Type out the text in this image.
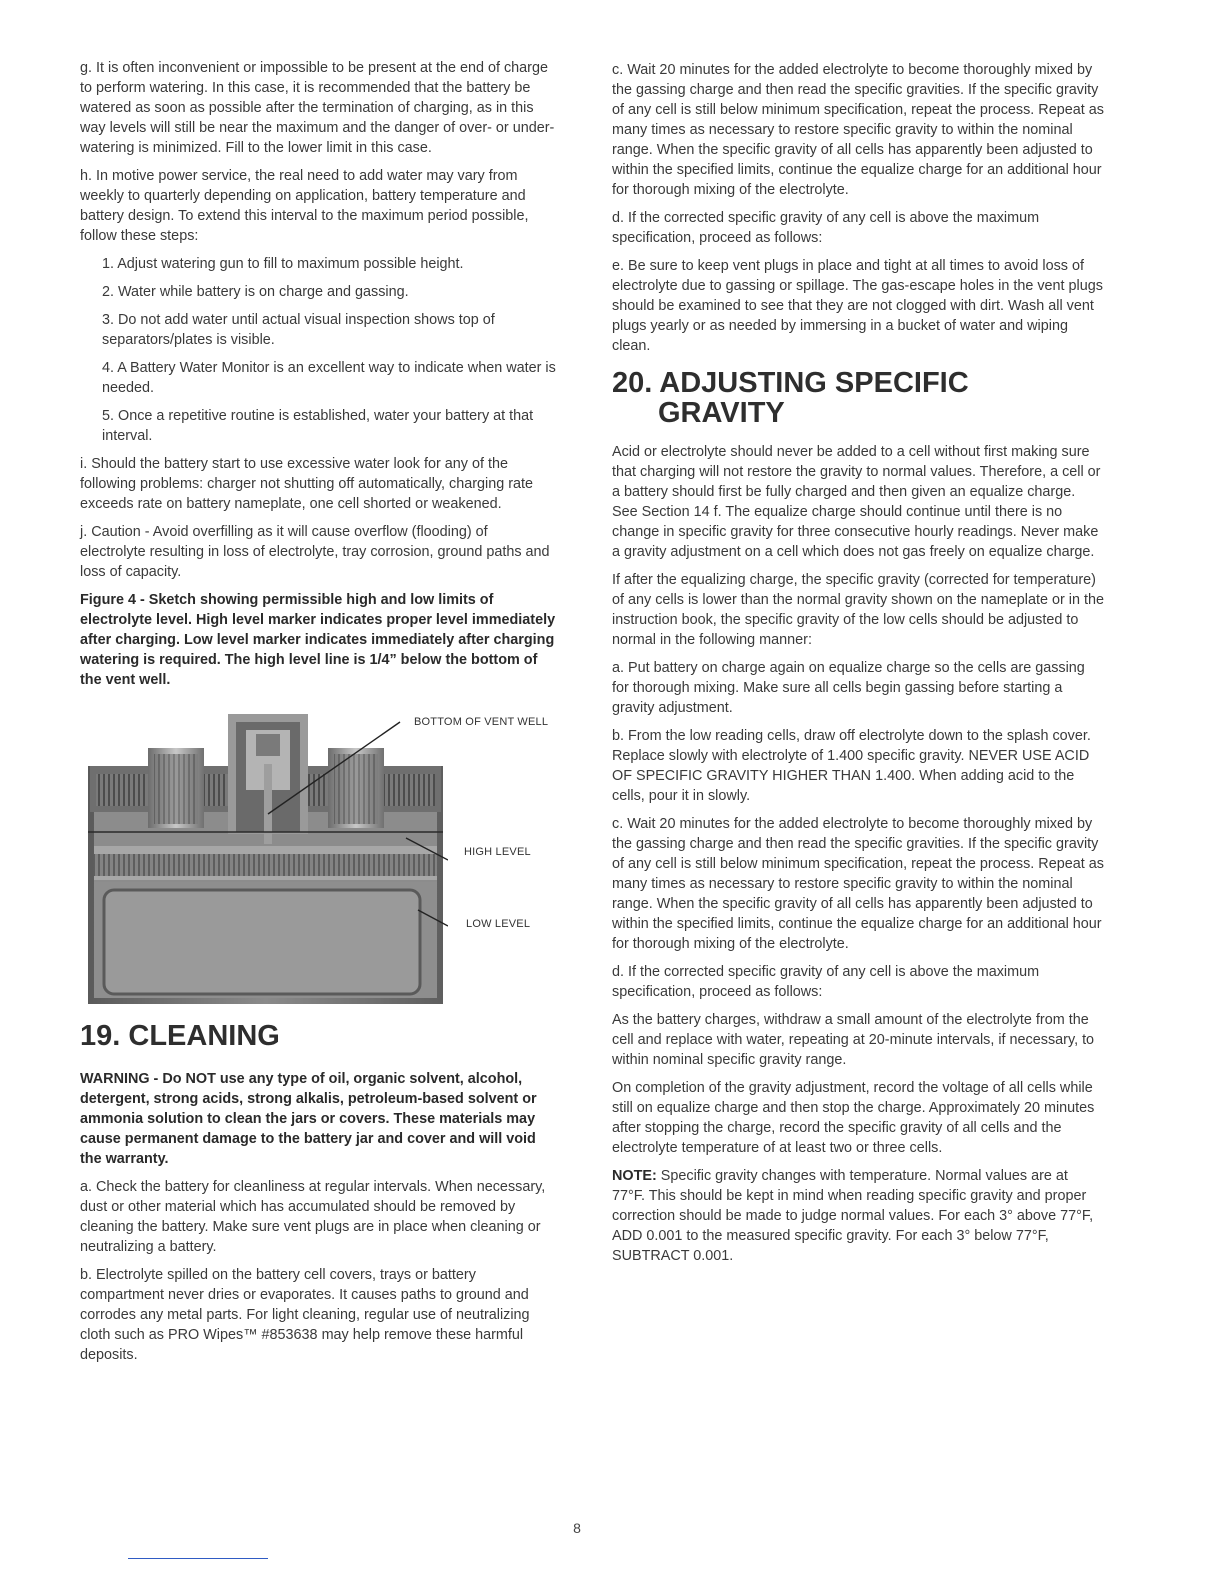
g. It is often inconvenient or impossible to be present at the end of charge to perform watering. In this case, it is recommended that the battery be watered as soon as possible after the termination of charging, as in this way levels will still be near the maximum and the danger of over- or under-watering is minimized. Fill to the lower limit in this case.

h. In motive power service, the real need to add water may vary from weekly to quarterly depending on application, battery temperature and battery design. To extend this interval to the maximum period possible, follow these steps:

1. Adjust watering gun to fill to maximum possible height.

2. Water while battery is on charge and gassing.

3. Do not add water until actual visual inspection shows top of separators/plates is visible.

4. A Battery Water Monitor is an excellent way to indicate when water is needed.

5. Once a repetitive routine is established, water your battery at that interval.

i. Should the battery start to use excessive water look for any of the following problems: charger not shutting off automatically, charging rate exceeds rate on battery nameplate, one cell shorted or weakened.

j. Caution - Avoid overfilling as it will cause overflow (flooding) of electrolyte resulting in loss of electrolyte, tray corrosion, ground paths and loss of capacity.

Figure 4 - Sketch showing permissible high and low limits of electrolyte level. High level marker indicates proper level immediately after charging. Low level marker indicates immediately after charging watering is required. The high level line is 1/4” below the bottom of the vent well.

BOTTOM OF VENT WELL
HIGH LEVEL
LOW LEVEL
19. CLEANING

WARNING - Do NOT use any type of oil, organic solvent, alcohol, detergent, strong acids, strong alkalis, petroleum-based solvent or ammonia solution to clean the jars or covers. These materials may cause permanent damage to the battery jar and cover and will void the warranty.

a. Check the battery for cleanliness at regular intervals. When necessary, dust or other material which has accumulated should be removed by cleaning the battery. Make sure vent plugs are in place when cleaning or neutralizing a battery.

b. Electrolyte spilled on the battery cell covers, trays or battery compartment never dries or evaporates. It causes paths to ground and corrodes any metal parts. For light cleaning, regular use of neutralizing cloth such as PRO Wipes™ #853638 may help remove these harmful deposits.

c. Wait 20 minutes for the added electrolyte to become thoroughly mixed by the gassing charge and then read the specific gravities. If the specific gravity of any cell is still below minimum specification, repeat the process. Repeat as many times as necessary to restore specific gravity to within the nominal range. When the specific gravity of all cells has apparently been adjusted to within the specified limits, continue the equalize charge for an additional hour for thorough mixing of the electrolyte.

d. If the corrected specific gravity of any cell is above the maximum specification, proceed as follows:

e. Be sure to keep vent plugs in place and tight at all times to avoid loss of electrolyte due to gassing or spillage. The gas-escape holes in the vent plugs should be examined to see that they are not clogged with dirt. Wash all vent plugs yearly or as needed by immersing in a bucket of water and wiping clean.

20. ADJUSTING SPECIFIC
GRAVITY

Acid or electrolyte should never be added to a cell without first making sure that charging will not restore the gravity to normal values. Therefore, a cell or a battery should first be fully charged and then given an equalize charge. See Section 14 f. The equalize charge should continue until there is no change in specific gravity for three consecutive hourly readings. Never make a gravity adjustment on a cell which does not gas freely on equalize charge.

If after the equalizing charge, the specific gravity (corrected for temperature) of any cells is lower than the normal gravity shown on the nameplate or in the instruction book, the specific gravity of the low cells should be adjusted to normal in the following manner:

a. Put battery on charge again on equalize charge so the cells are gassing for thorough mixing. Make sure all cells begin gassing before starting a gravity adjustment.

b. From the low reading cells, draw off electrolyte down to the splash cover. Replace slowly with electrolyte of 1.400 specific gravity. NEVER USE ACID OF SPECIFIC GRAVITY HIGHER THAN 1.400. When adding acid to the cells, pour it in slowly.

c. Wait 20 minutes for the added electrolyte to become thoroughly mixed by the gassing charge and then read the specific gravities. If the specific gravity of any cell is still below minimum specification, repeat the process. Repeat as many times as necessary to restore specific gravity to within the nominal range. When the specific gravity of all cells has apparently been adjusted to within the specified limits, continue the equalize charge for an additional hour for thorough mixing of the electrolyte.

d. If the corrected specific gravity of any cell is above the maximum specification, proceed as follows:

As the battery charges, withdraw a small amount of the electrolyte from the cell and replace with water, repeating at 20-minute intervals, if necessary, to within nominal specific gravity range.

On completion of the gravity adjustment, record the voltage of all cells while still on equalize charge and then stop the charge. Approximately 20 minutes after stopping the charge, record the specific gravity of all cells and the electrolyte temperature of at least two or three cells.

NOTE: Specific gravity changes with temperature. Normal values are at 77°F. This should be kept in mind when reading specific gravity and proper correction should be made to judge normal values. For each 3° above 77°F, ADD 0.001 to the measured specific gravity. For each 3° below 77°F, SUBTRACT 0.001.

8
